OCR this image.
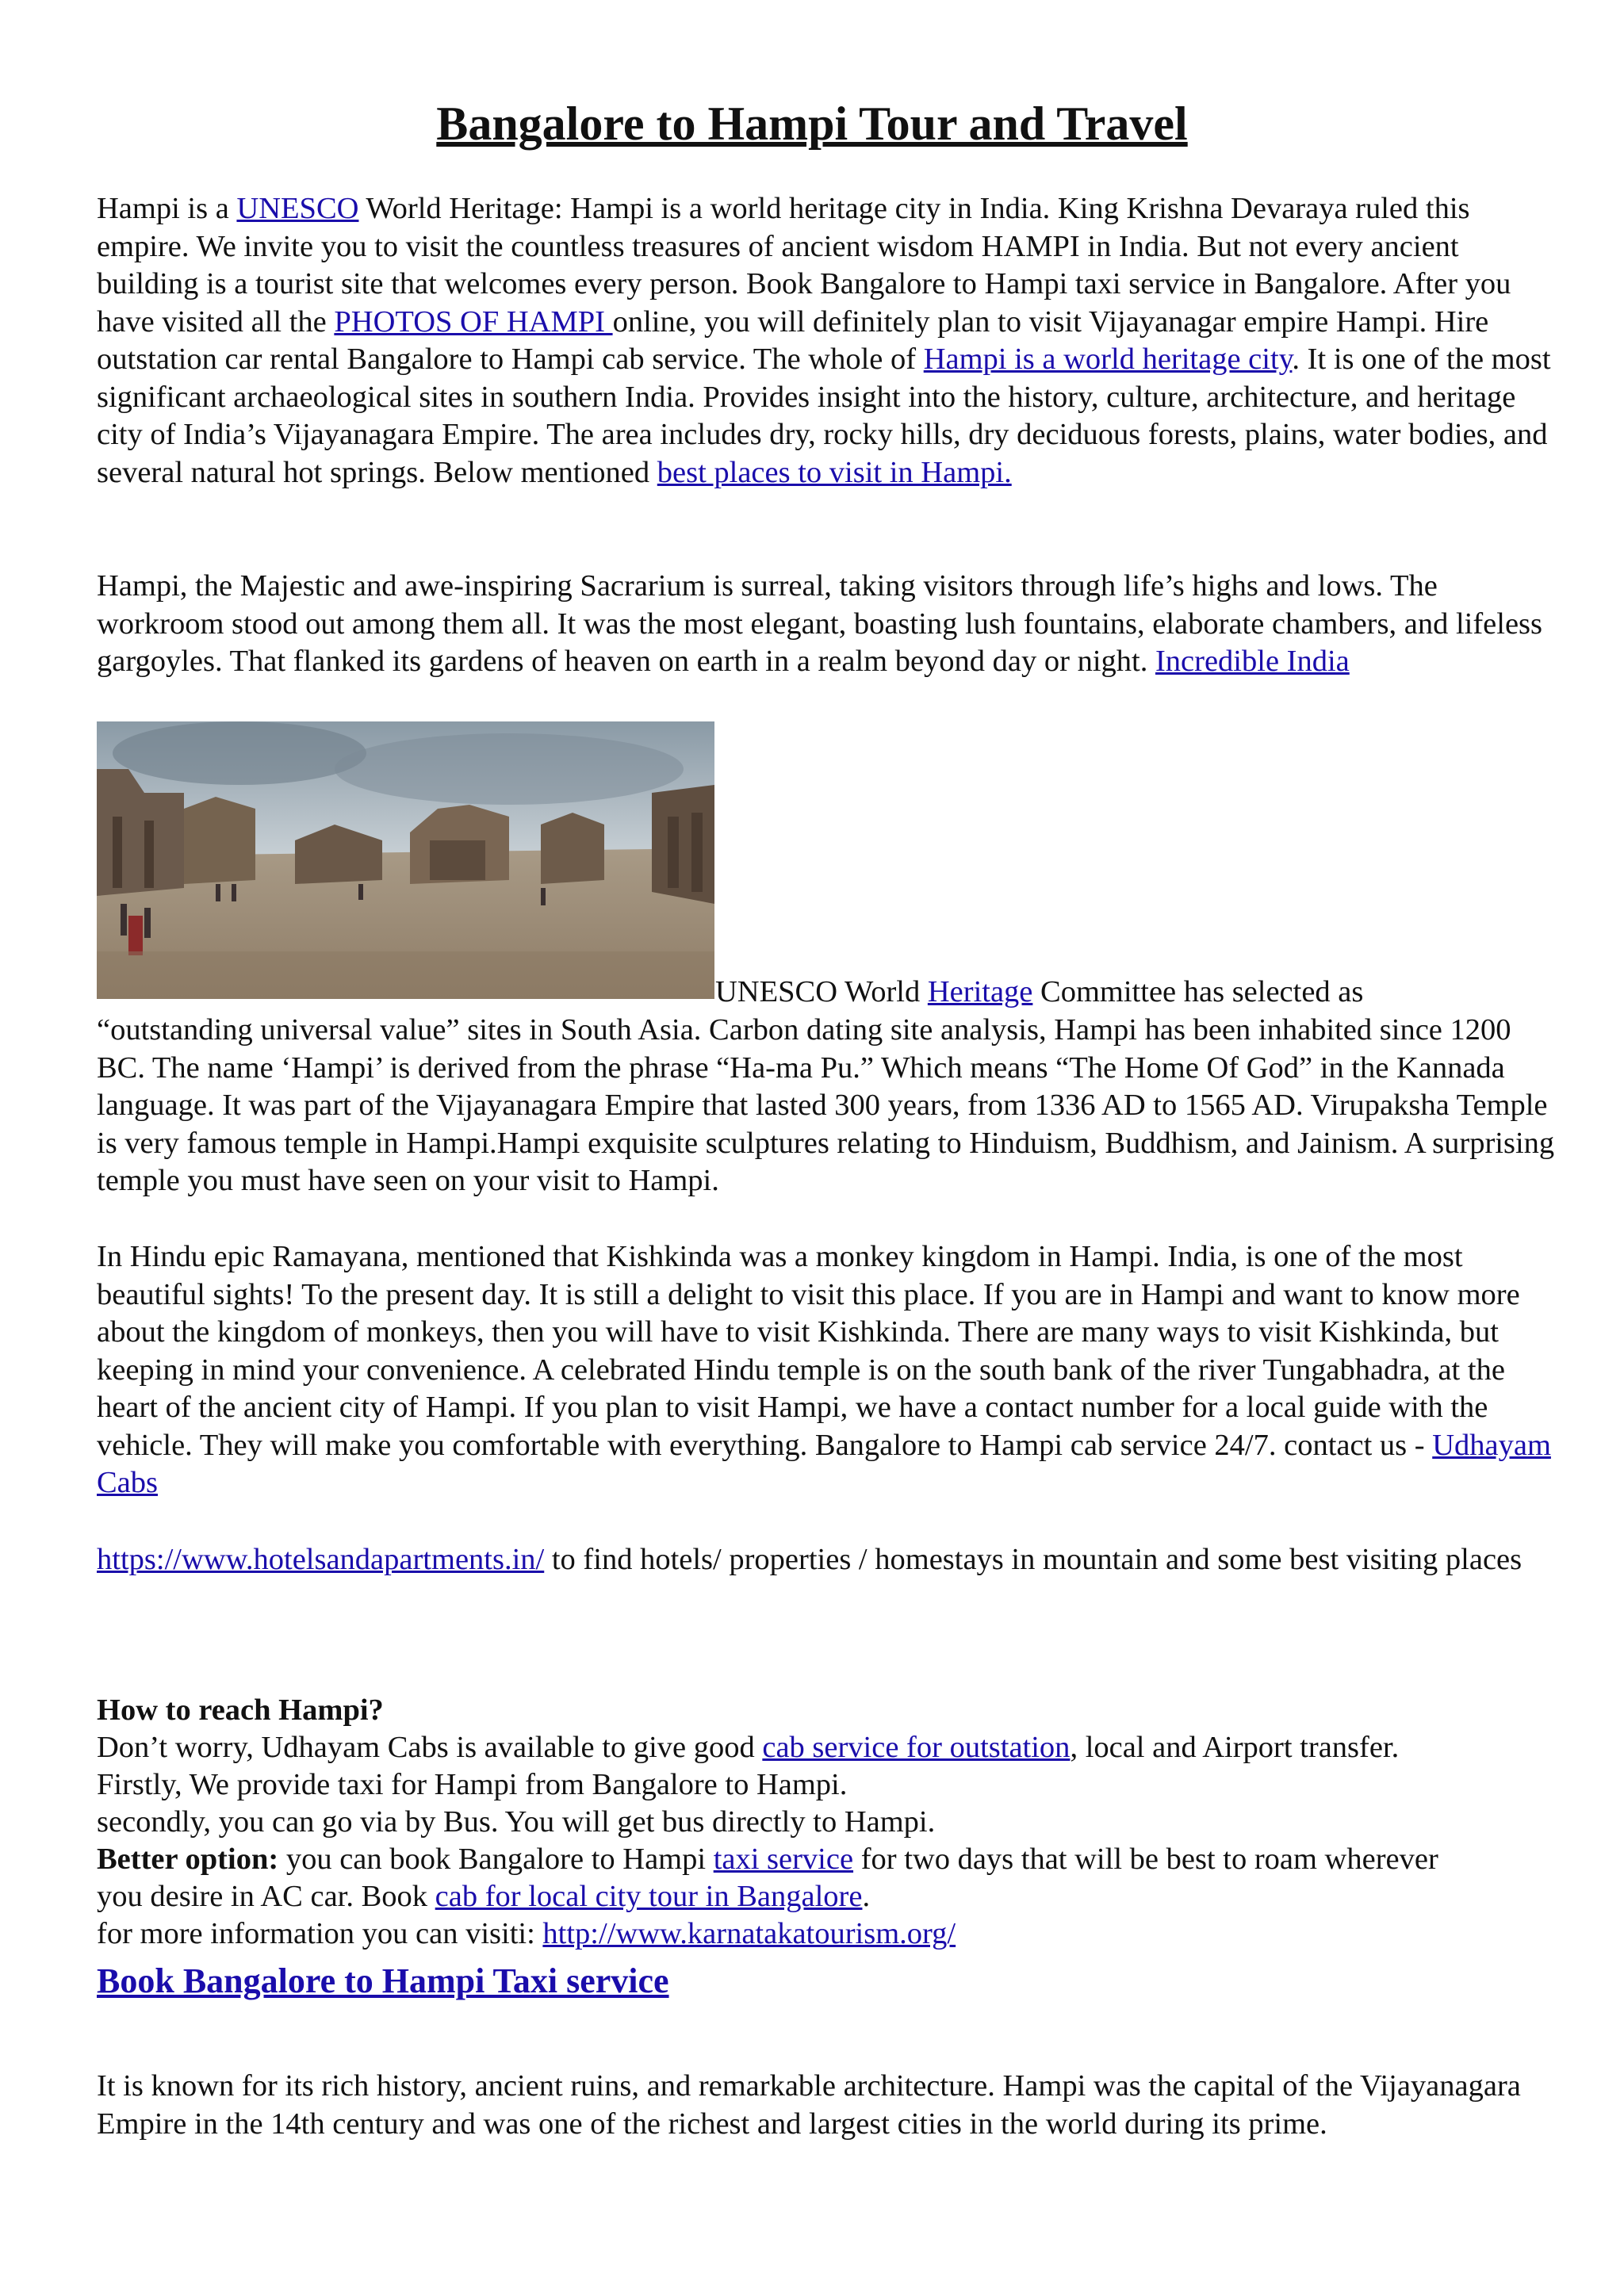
Bangalore to Hampi Tour and Travel

Hampi is a UNESCO World Heritage: Hampi is a world heritage city in India. King Krishna Devaraya ruled this empire. We invite you to visit the countless treasures of ancient wisdom HAMPI in India. But not every ancient building is a tourist site that welcomes every person. Book Bangalore to Hampi taxi service in Bangalore. After you have visited all the PHOTOS OF HAMPI online, you will definitely plan to visit Vijayanagar empire Hampi. Hire outstation car rental Bangalore to Hampi cab service. The whole of Hampi is a world heritage city. It is one of the most significant archaeological sites in southern India. Provides insight into the history, culture, architecture, and heritage city of India’s Vijayanagara Empire. The area includes dry, rocky hills, dry deciduous forests, plains, water bodies, and several natural hot springs. Below mentioned best places to visit in Hampi.

Hampi, the Majestic and awe-inspiring Sacrarium is surreal, taking visitors through life’s highs and lows. The workroom stood out among them all. It was the most elegant, boasting lush fountains, elaborate chambers, and lifeless gargoyles. That flanked its gardens of heaven on earth in a realm beyond day or night. Incredible India

UNESCO World Heritage Committee has selected as

“outstanding universal value” sites in South Asia. Carbon dating site analysis, Hampi has been inhabited since 1200 BC. The name ‘Hampi’ is derived from the phrase “Ha-ma Pu.” Which means “The Home Of God” in the Kannada language. It was part of the Vijayanagara Empire that lasted 300 years, from 1336 AD to 1565 AD. Virupaksha Temple is very famous temple in Hampi.Hampi exquisite sculptures relating to Hinduism, Buddhism, and Jainism. A surprising temple you must have seen on your visit to Hampi.

In Hindu epic Ramayana, mentioned that Kishkinda was a monkey kingdom in Hampi. India, is one of the most beautiful sights! To the present day. It is still a delight to visit this place. If you are in Hampi and want to know more about the kingdom of monkeys, then you will have to visit Kishkinda. There are many ways to visit Kishkinda, but keeping in mind your convenience. A celebrated Hindu temple is on the south bank of the river Tungabhadra, at the heart of the ancient city of Hampi. If you plan to visit Hampi, we have a contact number for a local guide with the vehicle. They will make you comfortable with everything. Bangalore to Hampi cab service 24/7. contact us - Udhayam Cabs

https://www.hotelsandapartments.in/ to find hotels/ properties / homestays in mountain and some best visiting places

How to reach Hampi?
Don’t worry, Udhayam Cabs is available to give good cab service for outstation, local and Airport transfer.
Firstly, We provide taxi for Hampi from Bangalore to Hampi.
secondly, you can go via by Bus. You will get bus directly to Hampi.
Better option: you can book Bangalore to Hampi taxi service for two days that will be best to roam wherever
you desire in AC car. Book cab for local city tour in Bangalore.
for more information you can visiti: http://www.karnatakatourism.org/
Book Bangalore to Hampi Taxi service

It is known for its rich history, ancient ruins, and remarkable architecture. Hampi was the capital of the Vijayanagara Empire in the 14th century and was one of the richest and largest cities in the world during its prime.
